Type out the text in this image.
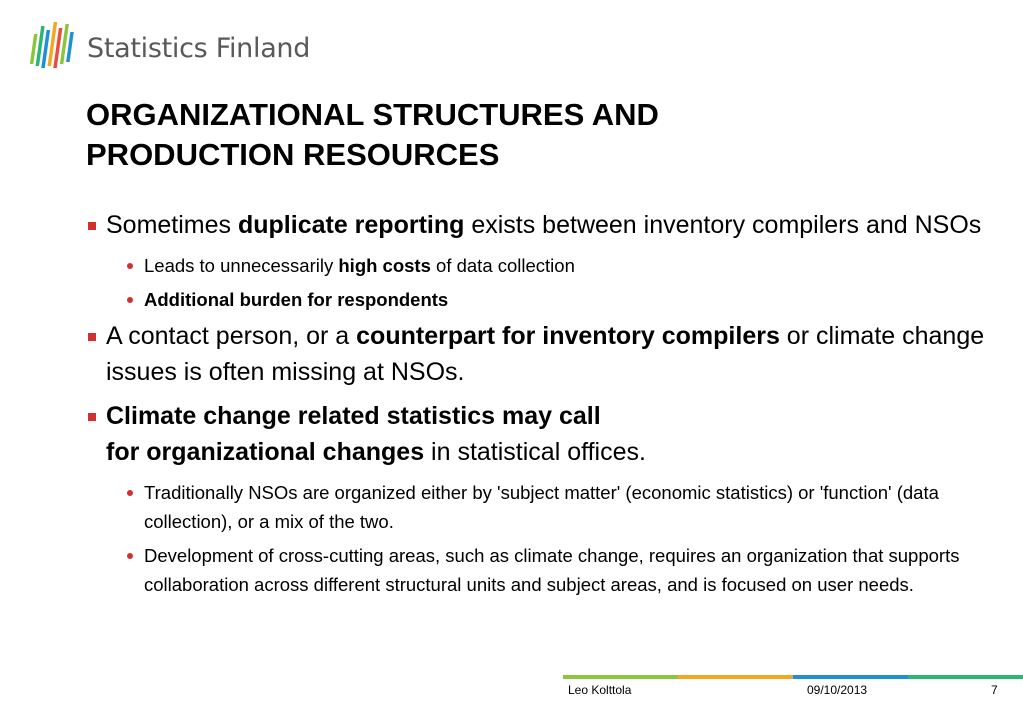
Statistics Finland
ORGANIZATIONAL STRUCTURES AND
PRODUCTION RESOURCES
Sometimes duplicate reporting exists between inventory compilers and NSOs
Leads to unnecessarily high costs of data collection
Additional burden for respondents
A contact person, or a counterpart for inventory compilers or climate change issues is often missing at NSOs.
Climate change related statistics may call
for organizational changes in statistical offices.
Traditionally NSOs are organized either by 'subject matter' (economic statistics) or 'function' (data collection), or a mix of the two.
Development of cross-cutting areas, such as climate change, requires an organization that supports collaboration across different structural units and subject areas, and is focused on user needs.
Leo Kolttola	09/10/2013	7
